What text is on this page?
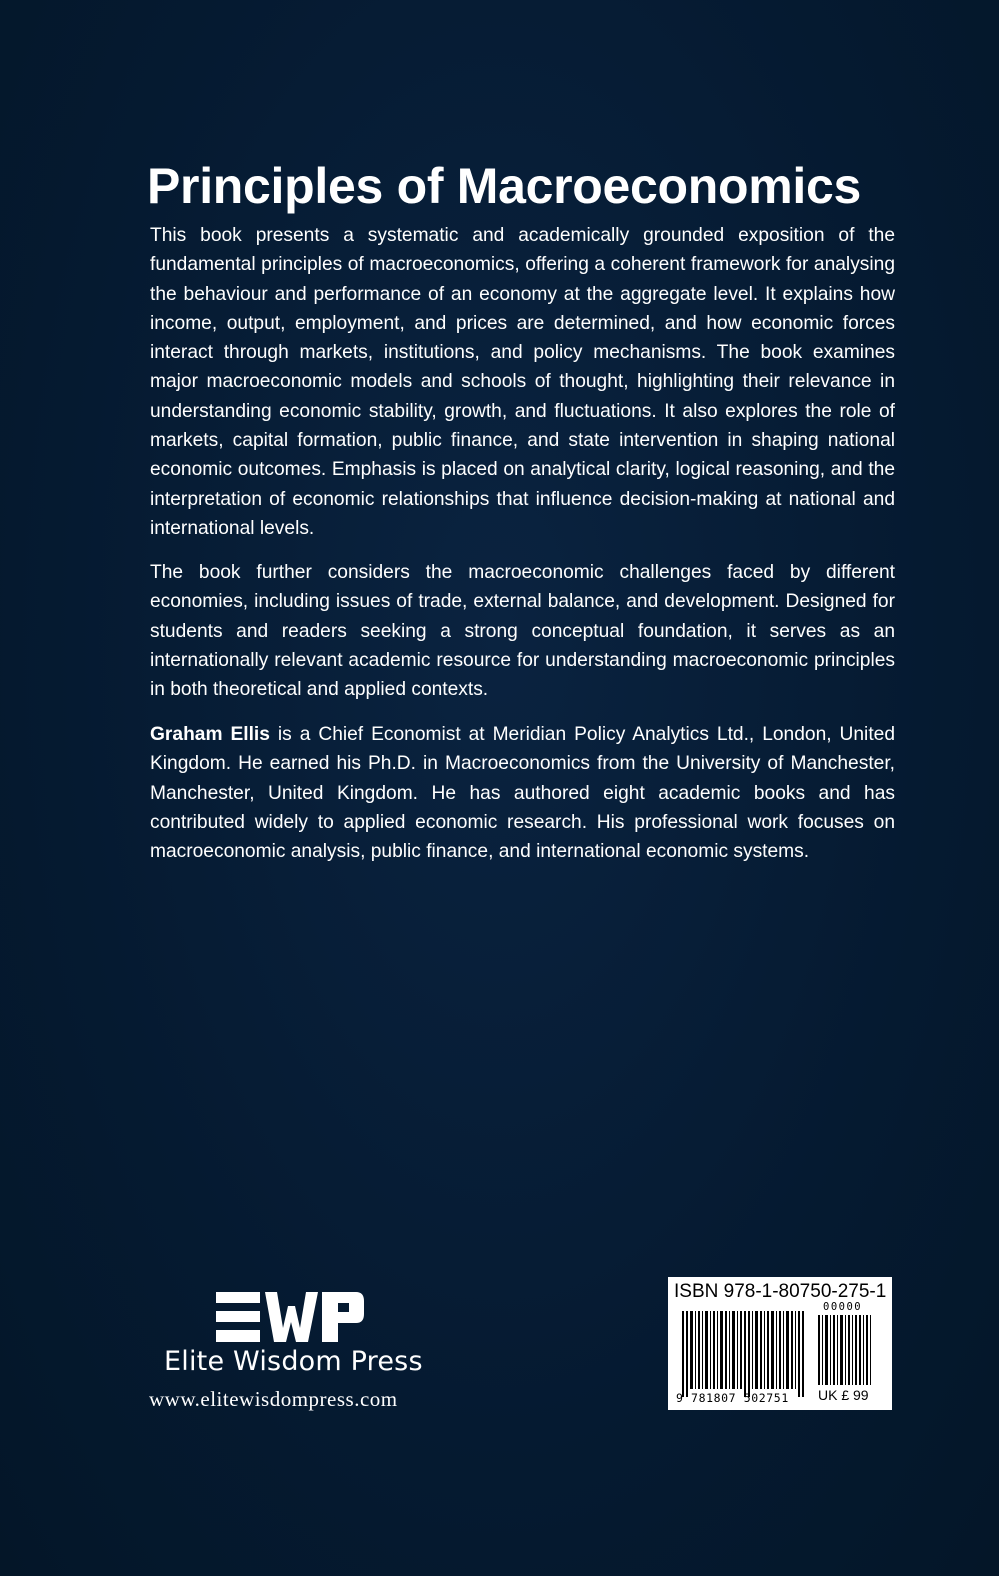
Principles of Macroeconomics

This book presents a systematic and academically grounded exposition of the fundamental principles of macroeconomics, offering a coherent framework for analysing the behaviour and performance of an economy at the aggregate level. It explains how income, output, employment, and prices are determined, and how economic forces interact through markets, institutions, and policy mechanisms. The book examines major macroeconomic models and schools of thought, highlighting their relevance in understanding economic stability, growth, and fluctuations. It also explores the role of markets, capital formation, public finance, and state intervention in shaping national economic outcomes. Emphasis is placed on analytical clarity, logical reasoning, and the interpretation of economic relationships that influence decision-making at national and international levels.

The book further considers the macroeconomic challenges faced by different economies, including issues of trade, external balance, and development. Designed for students and readers seeking a strong conceptual foundation, it serves as an internationally relevant academic resource for understanding macroeconomic principles in both theoretical and applied contexts.

Graham Ellis is a Chief Economist at Meridian Policy Analytics Ltd., London, United Kingdom. He earned his Ph.D. in Macroeconomics from the University of Manchester, Manchester, United Kingdom. He has authored eight academic books and has contributed widely to applied economic research. His professional work focuses on macroeconomic analysis, public finance, and international economic systems.

Elite Wisdom Press
www.elitewisdompress.com
ISBN 978-1-80750-275-1
00000
9 781807 502751 UK £ 99
